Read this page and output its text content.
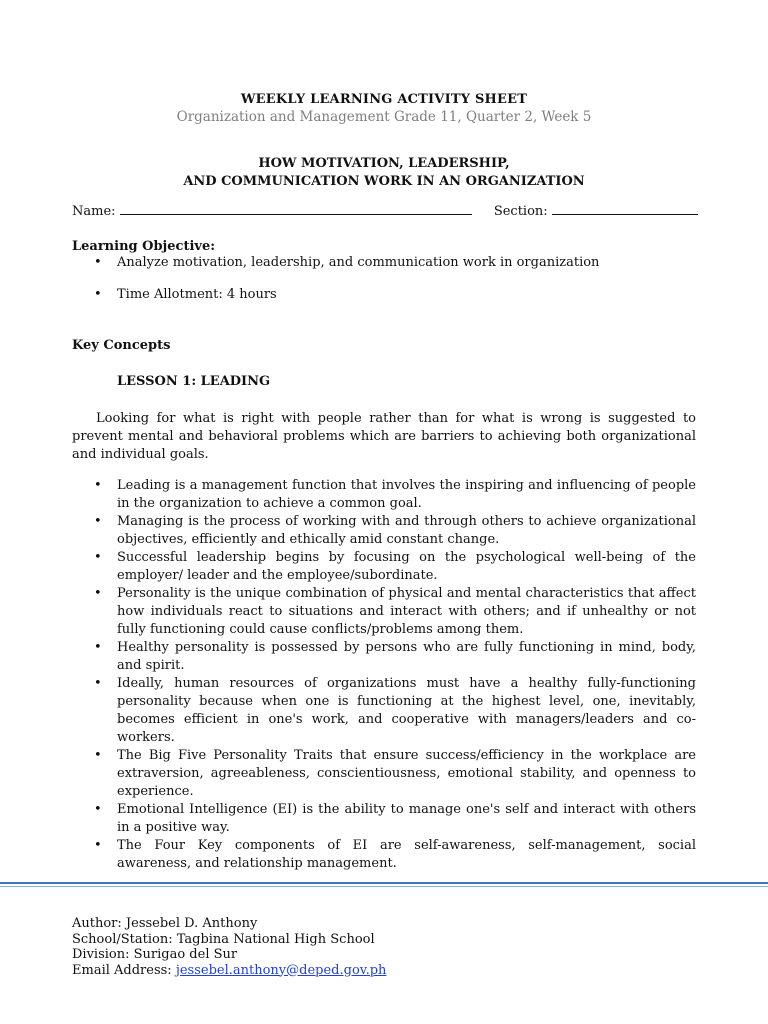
WEEKLY LEARNING ACTIVITY SHEET
Organization and Management Grade 11, Quarter 2, Week 5
HOW MOTIVATION, LEADERSHIP,
AND COMMUNICATION WORK IN AN ORGANIZATION
Name:	Section:
Learning Objective:
• Analyze motivation, leadership, and communication work in organization
• Time Allotment: 4 hours
Key Concepts
LESSON 1: LEADING
Looking for what is right with people rather than for what is wrong is suggested to prevent mental and behavioral problems which are barriers to achieving both organizational and individual goals.
• Leading is a management function that involves the inspiring and influencing of people in the organization to achieve a common goal.
• Managing is the process of working with and through others to achieve organizational objectives, efficiently and ethically amid constant change.
• Successful leadership begins by focusing on the psychological well-being of the employer/ leader and the employee/subordinate.
• Personality is the unique combination of physical and mental characteristics that affect how individuals react to situations and interact with others; and if unhealthy or not fully functioning could cause conflicts/problems among them.
• Healthy personality is possessed by persons who are fully functioning in mind, body, and spirit.
• Ideally, human resources of organizations must have a healthy fully-functioning personality because when one is functioning at the highest level, one, inevitably, becomes efficient in one's work, and cooperative with managers/leaders and co-workers.
• The Big Five Personality Traits that ensure success/efficiency in the workplace are extraversion, agreeableness, conscientiousness, emotional stability, and openness to experience.
• Emotional Intelligence (EI) is the ability to manage one's self and interact with others in a positive way.
• The Four Key components of EI are self-awareness, self-management, social awareness, and relationship management.
Author: Jessebel D. Anthony
School/Station: Tagbina National High School
Division: Surigao del Sur
Email Address: jessebel.anthony@deped.gov.ph
